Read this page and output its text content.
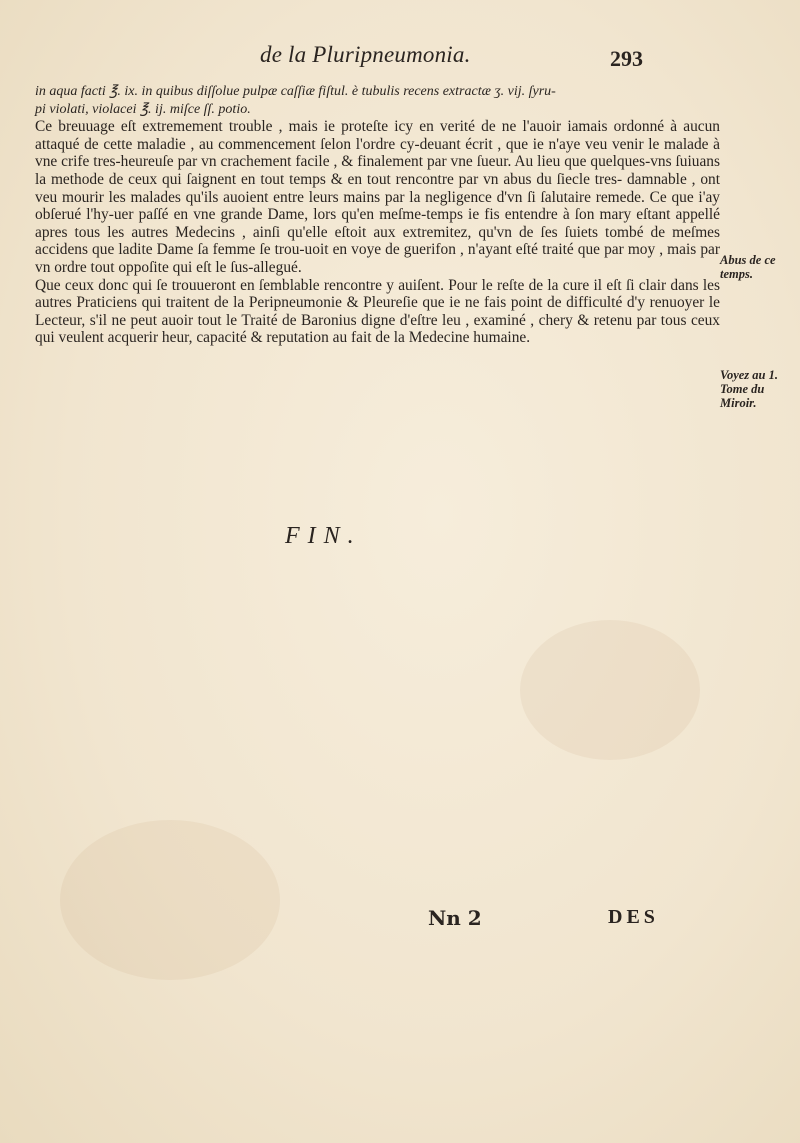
de la Pluripneumonia.	293

in aqua facti ℥. ix. in quibus diſſolue pulpæ caſſiæ fiſtul. è tubulis recens extractæ ʒ. vij. ſyru-

pi violati, violacei ℥. ij. miſce ſſ. potio.

Ce breuuage eſt extremement trouble , mais ie proteſte icy en verité de ne l'auoir iamais ordonné à aucun attaqué de cette maladie , au commencement ſelon l'ordre cy-deuant écrit , que ie n'aye veu venir le malade à vne crife tres-heureuſe par vn crachement facile , & finalement par vne ſueur. Au lieu que quelques-vns ſuiuans la methode de ceux qui ſaignent en tout temps & en tout rencontre par vn abus du ſiecle tres- damnable , ont veu mourir les malades qu'ils auoient entre leurs mains par la negligence d'vn ſi ſalutaire remede. Ce que i'ay obſerué l'hy-uer paſſé en vne grande Dame, lors qu'en meſme-temps ie fis entendre à ſon mary eſtant appellé apres tous les autres Medecins , ainſi qu'elle eſtoit aux extremitez, qu'vn de ſes ſuiets tombé de meſmes accidens que ladite Dame ſa femme ſe trou-uoit en voye de guerifon , n'ayant eſté traité que par moy , mais par vn ordre tout oppoſite qui eſt le ſus-allegué.

Que ceux donc qui ſe trouueront en ſemblable rencontre y auiſent. Pour le reſte de la cure il eſt ſi clair dans les autres Praticiens qui traitent de la Peripneumonie & Pleureſie que ie ne fais point de difficulté d'y renuoyer le Lecteur, s'il ne peut auoir tout le Traité de Baronius digne d'eſtre leu , examiné , chery & retenu par tous ceux qui veulent acquerir heur, capacité & reputation au fait de la Medecine humaine.

Abus de ce temps.
Voyez au 1. Tome du Miroir.
FIN.
Nn 2	DES
